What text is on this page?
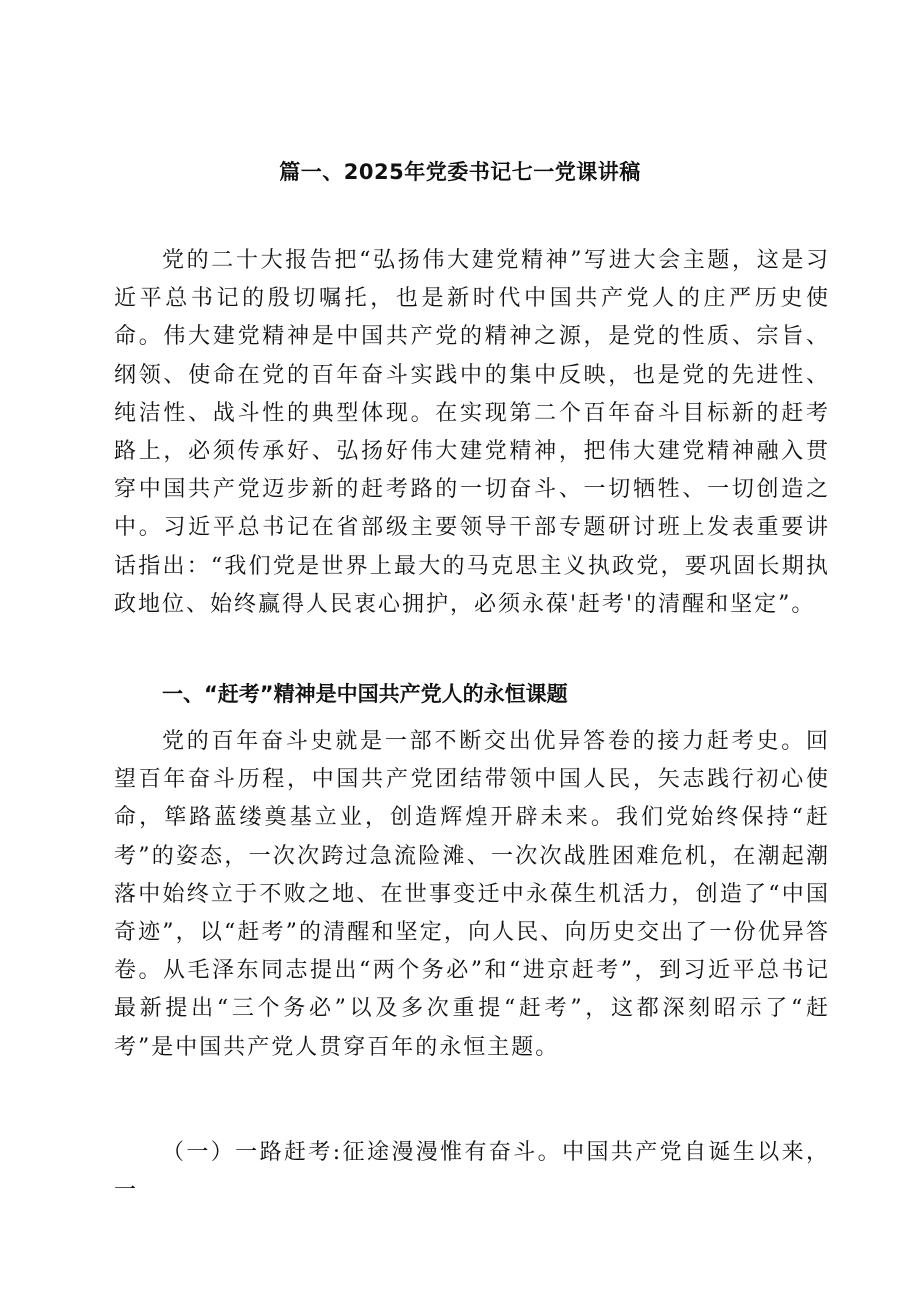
篇一、2025年党委书记七一党课讲稿

党的二十大报告把“弘扬伟大建党精神”写进大会主题，这是习近平总书记的殷切嘱托，也是新时代中国共产党人的庄严历史使命。伟大建党精神是中国共产党的精神之源，是党的性质、宗旨、纲领、使命在党的百年奋斗实践中的集中反映，也是党的先进性、纯洁性、战斗性的典型体现。在实现第二个百年奋斗目标新的赶考路上，必须传承好、弘扬好伟大建党精神，把伟大建党精神融入贯穿中国共产党迈步新的赶考路的一切奋斗、一切牺牲、一切创造之中。习近平总书记在省部级主要领导干部专题研讨班上发表重要讲话指出：“我们党是世界上最大的马克思主义执政党，要巩固长期执政地位、始终赢得人民衷心拥护，必须永葆'赶考'的清醒和坚定”。

一、“赶考”精神是中国共产党人的永恒课题

党的百年奋斗史就是一部不断交出优异答卷的接力赶考史。回望百年奋斗历程，中国共产党团结带领中国人民，矢志践行初心使命，筚路蓝缕奠基立业，创造辉煌开辟未来。我们党始终保持“赶考”的姿态，一次次跨过急流险滩、一次次战胜困难危机，在潮起潮落中始终立于不败之地、在世事变迁中永葆生机活力，创造了“中国奇迹”，以“赶考”的清醒和坚定，向人民、向历史交出了一份优异答卷。从毛泽东同志提出“两个务必”和“进京赶考”，到习近平总书记最新提出“三个务必”以及多次重提“赶考”，这都深刻昭示了“赶考”是中国共产党人贯穿百年的永恒主题。

（一）一路赶考:征途漫漫惟有奋斗。中国共产党自诞生以来，一
